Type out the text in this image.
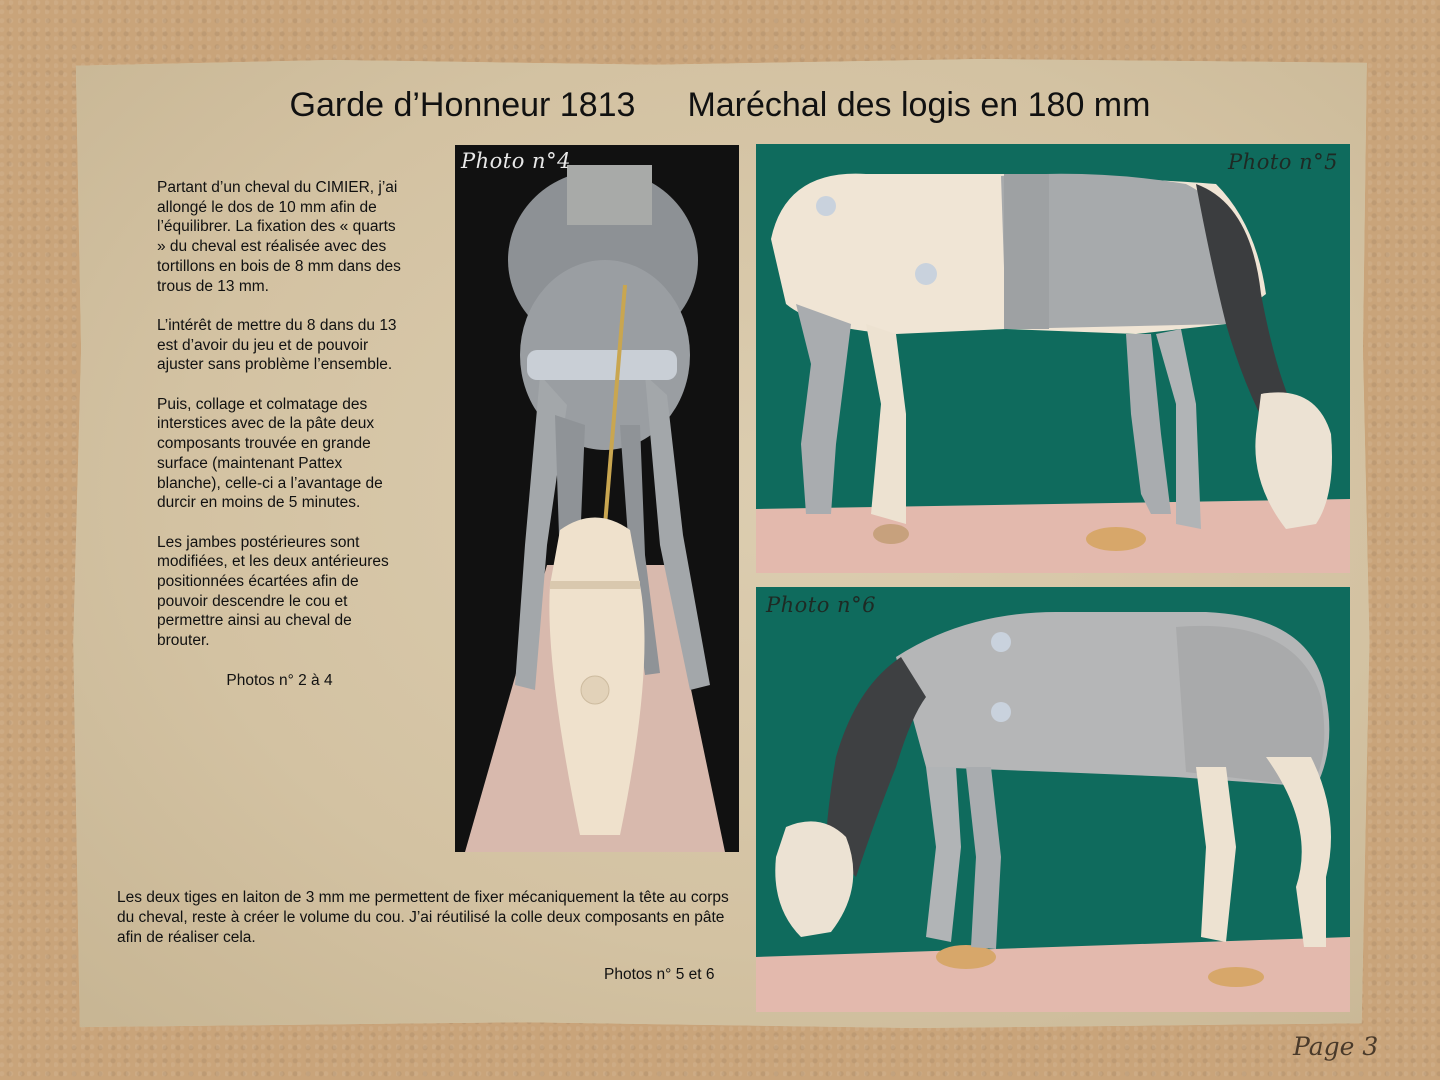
Garde d’Honneur 1813 Maréchal des logis en 180 mm

Partant d’un cheval du CIMIER, j’ai allongé le dos de 10 mm afin de l’équilibrer. La fixation des « quarts » du cheval est réalisée avec des tortillons en bois de 8 mm dans des trous de 13 mm.

L’intérêt de mettre du 8 dans du 13 est d’avoir du jeu et de pouvoir ajuster sans problème l’ensemble.

Puis, collage et colmatage des interstices avec de la pâte deux composants trouvée en grande surface (maintenant Pattex blanche), celle-ci a l’avantage de durcir en moins de 5 minutes.

Les jambes postérieures sont modifiées, et les deux antérieures positionnées écartées afin de pouvoir descendre le cou et permettre ainsi au cheval de brouter.

Photos n° 2 à 4

Photo n°4	Photo n°5
Photo n°6

Les deux tiges en laiton de 3 mm me permettent de fixer mécaniquement la tête au corps du cheval, reste à créer le volume du cou. J’ai réutilisé la colle deux composants en pâte afin de réaliser cela.

Photos n° 5 et 6
Page 3
